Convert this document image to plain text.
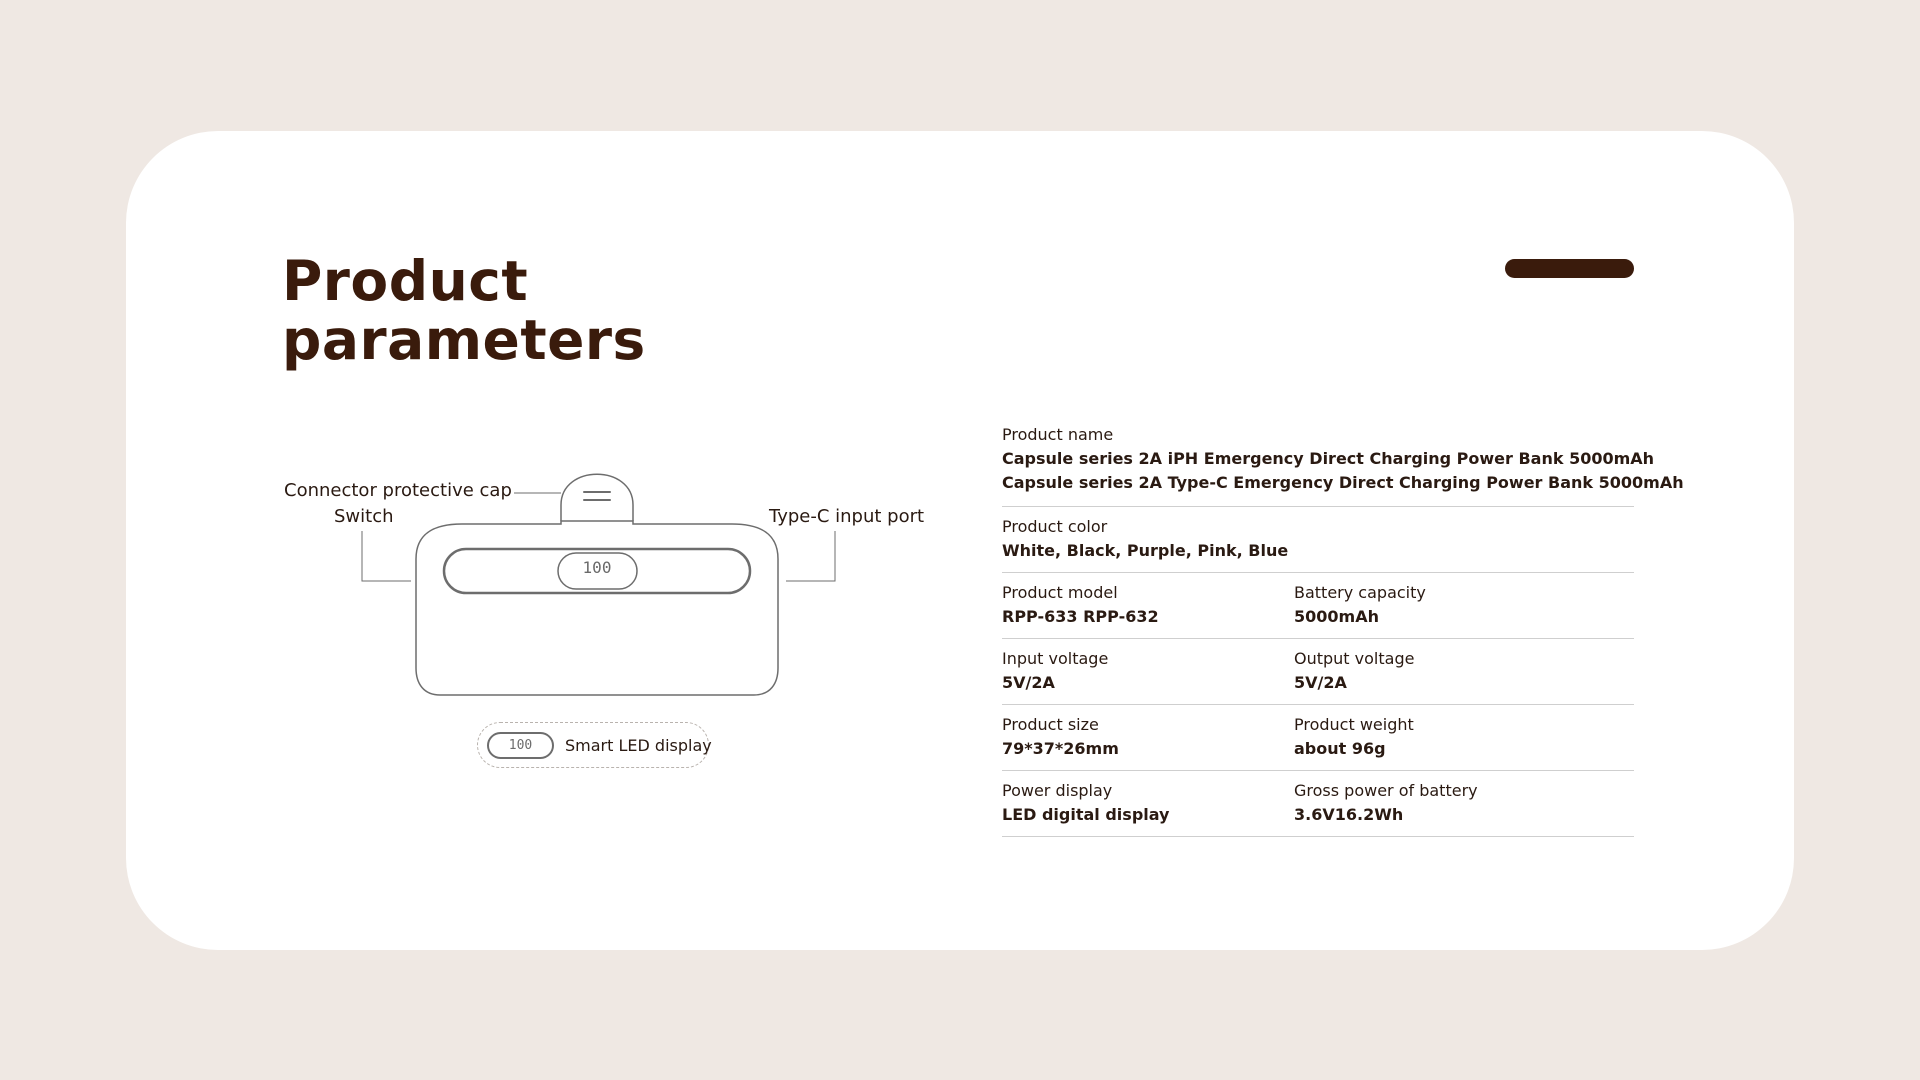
Product
parameters
100
Connector protective cap
Switch	Type-C input port
100	Smart LED display
Product name
Capsule series 2A iPH Emergency Direct Charging Power Bank 5000mAh
Capsule series 2A Type-C Emergency Direct Charging Power Bank 5000mAh
Product color
White, Black, Purple, Pink, Blue
Product model
RPP-633 RPP-632
Battery capacity
5000mAh
Input voltage
5V/2A
Output voltage
5V/2A
Product size
79*37*26mm
Product weight
about 96g
Power display
LED digital display
Gross power of battery
3.6V16.2Wh
